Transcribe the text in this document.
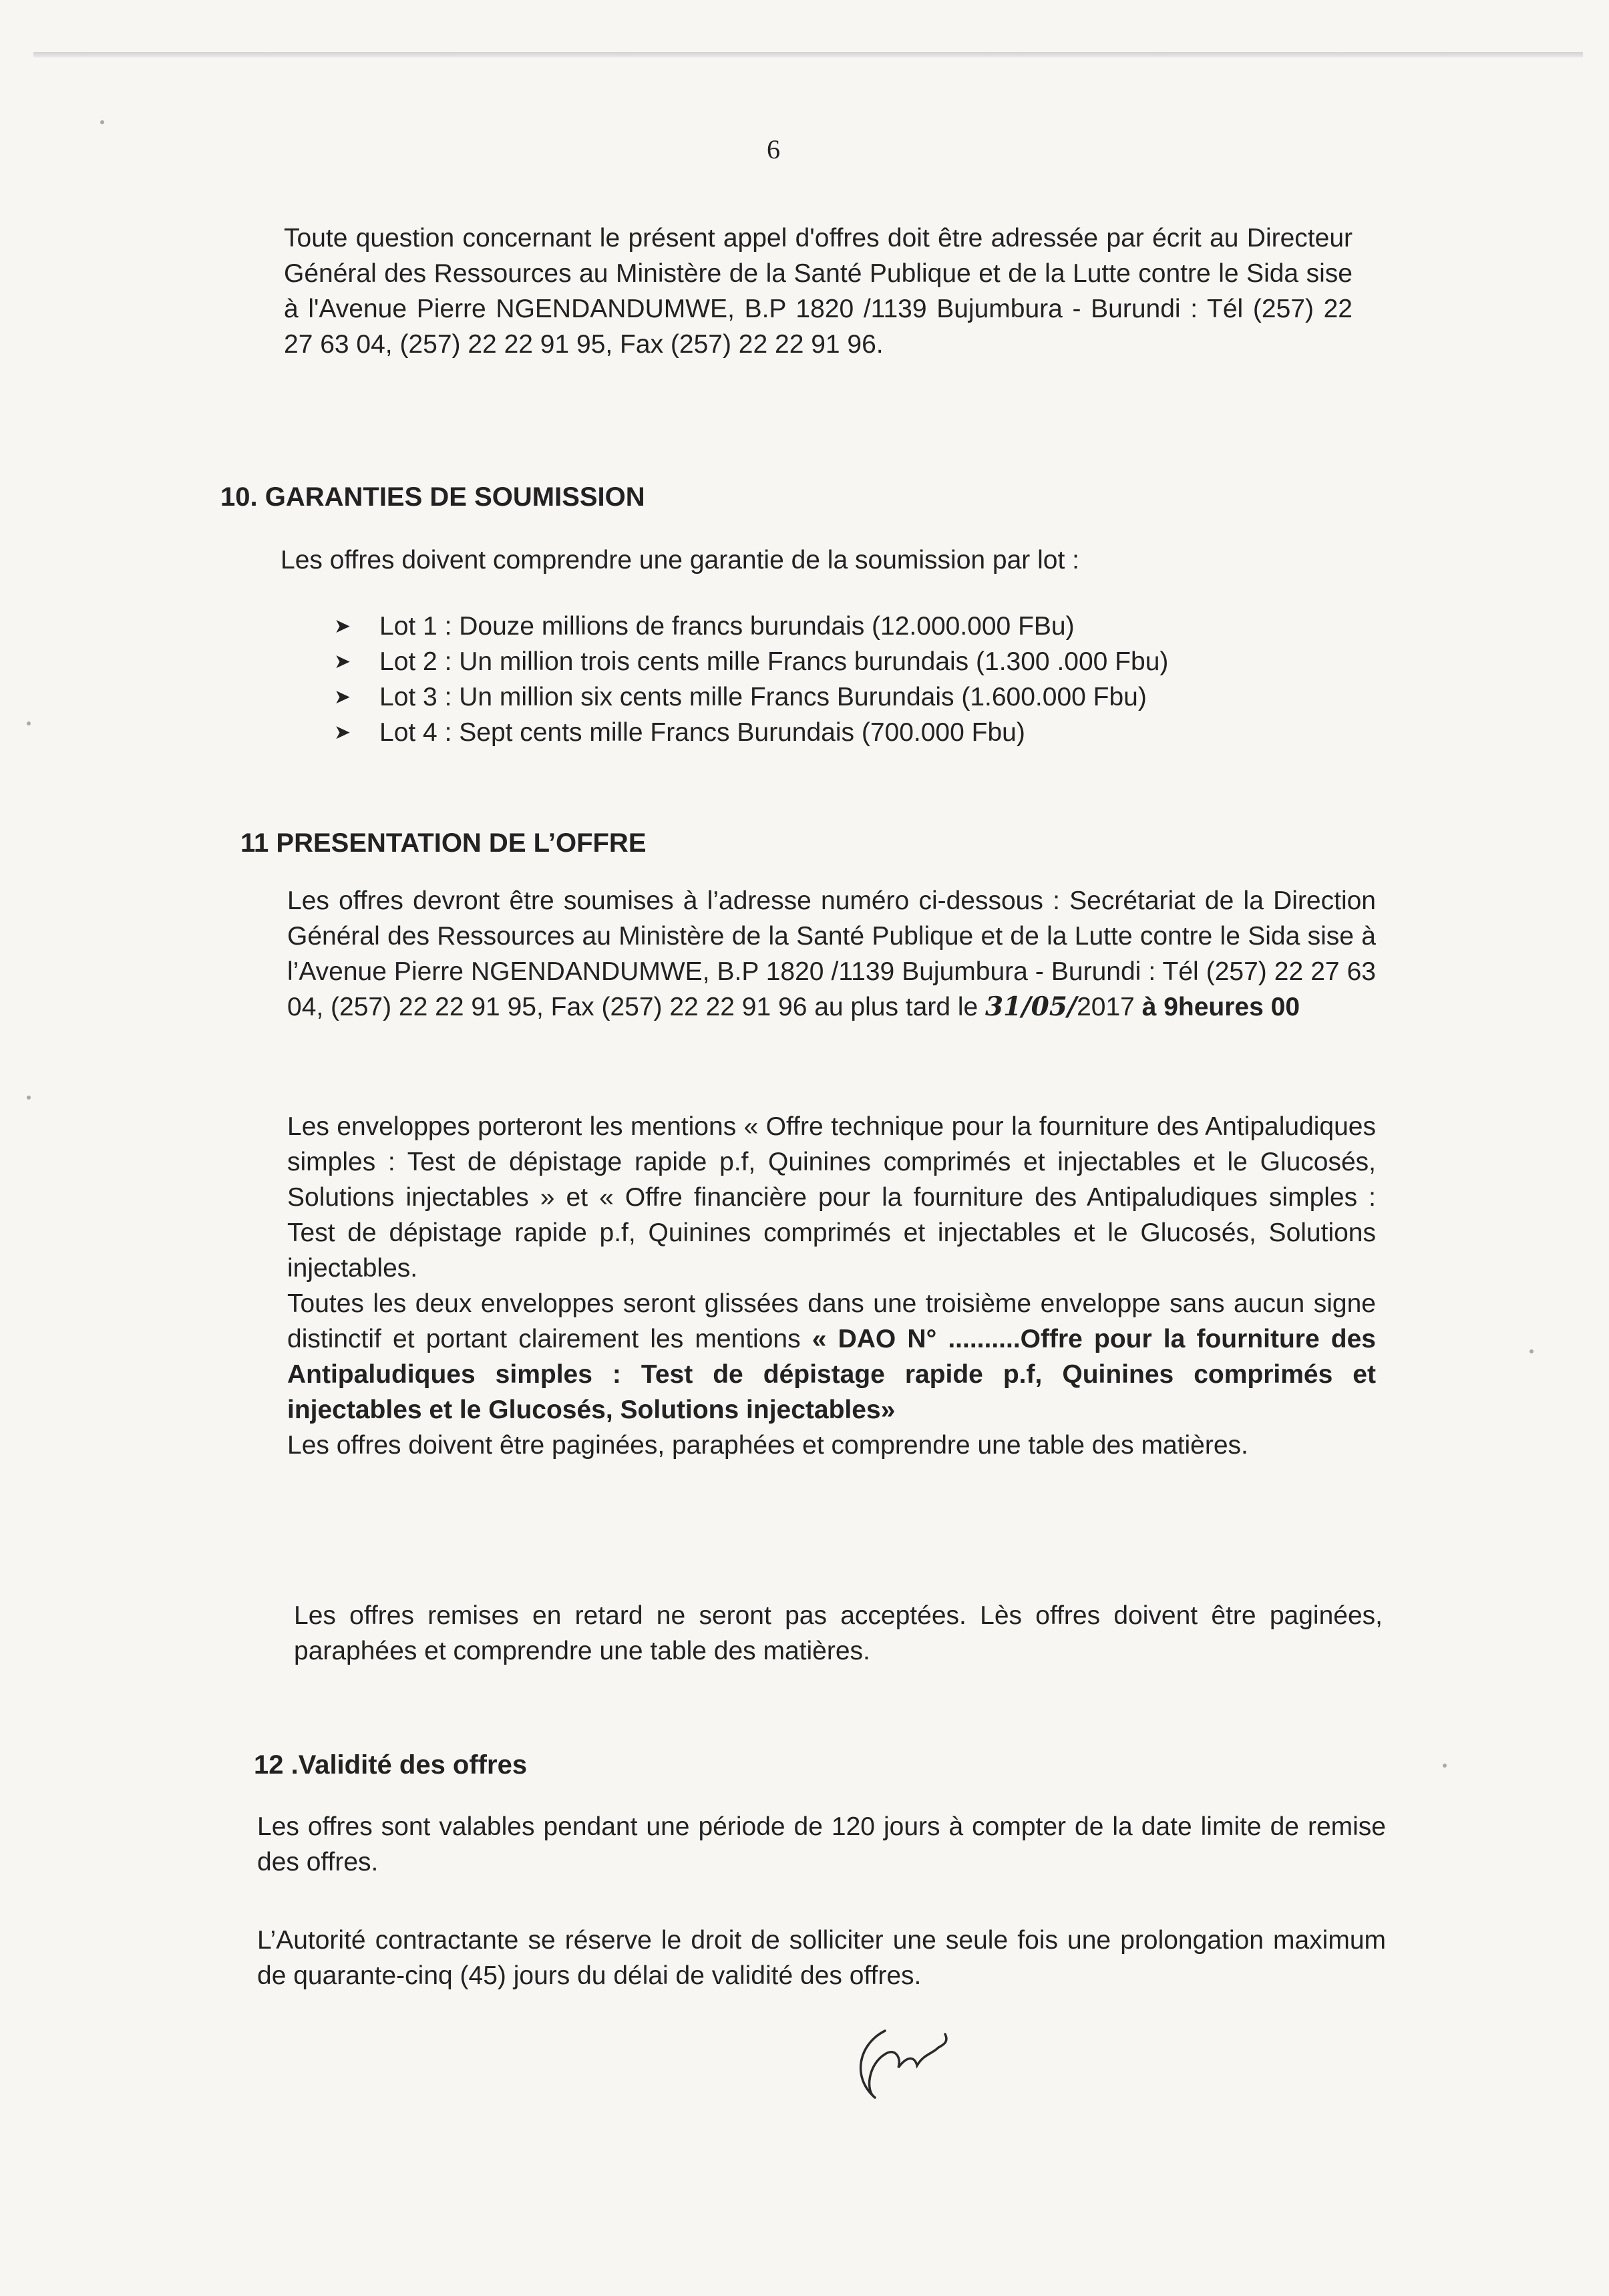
6

Toute question concernant le présent appel d'offres doit être adressée par écrit au Directeur Général des Ressources au Ministère de la Santé Publique et de la Lutte contre le Sida sise à l'Avenue Pierre NGENDANDUMWE, B.P 1820 /1139 Bujumbura - Burundi : Tél (257) 22 27 63 04, (257) 22 22 91 95, Fax (257) 22 22 91 96.

10. GARANTIES DE SOUMISSION
Les offres doivent comprendre une garantie de la soumission par lot :
➤ Lot 1 : Douze millions de francs burundais (12.000.000 FBu)
➤ Lot 2 : Un million trois cents mille Francs burundais (1.300 .000 Fbu)
➤ Lot 3 : Un million six cents mille Francs Burundais (1.600.000 Fbu)
➤ Lot 4 : Sept cents mille Francs Burundais (700.000 Fbu)
11 PRESENTATION DE L’OFFRE
Les offres devront être soumises à l’adresse numéro ci-dessous : Secrétariat de la Direction Général des Ressources au Ministère de la Santé Publique et de la Lutte contre le Sida sise à l’Avenue Pierre NGENDANDUMWE, B.P 1820 /1139 Bujumbura - Burundi : Tél (257) 22 27 63 04, (257) 22 22 91 95, Fax (257) 22 22 91 96 au plus tard le 31/05/2017 à 9heures 00

Les enveloppes porteront les mentions « Offre technique pour la fourniture des Antipaludiques simples : Test de dépistage rapide p.f, Quinines comprimés et injectables et le Glucosés, Solutions injectables » et « Offre financière pour la fourniture des Antipaludiques simples : Test de dépistage rapide p.f, Quinines comprimés et injectables et le Glucosés, Solutions injectables.

Toutes les deux enveloppes seront glissées dans une troisième enveloppe sans aucun signe distinctif et portant clairement les mentions « DAO N° ..........Offre pour la fourniture des Antipaludiques simples : Test de dépistage rapide p.f, Quinines comprimés et injectables et le Glucosés, Solutions injectables»

Les offres doivent être paginées, paraphées et comprendre une table des matières.

Les offres remises en retard ne seront pas acceptées. Lès offres doivent être paginées, paraphées et comprendre une table des matières.

12 .Validité des offres

Les offres sont valables pendant une période de 120 jours à compter de la date limite de remise des offres.

L’Autorité contractante se réserve le droit de solliciter une seule fois une prolongation maximum de quarante-cinq (45) jours du délai de validité des offres.
